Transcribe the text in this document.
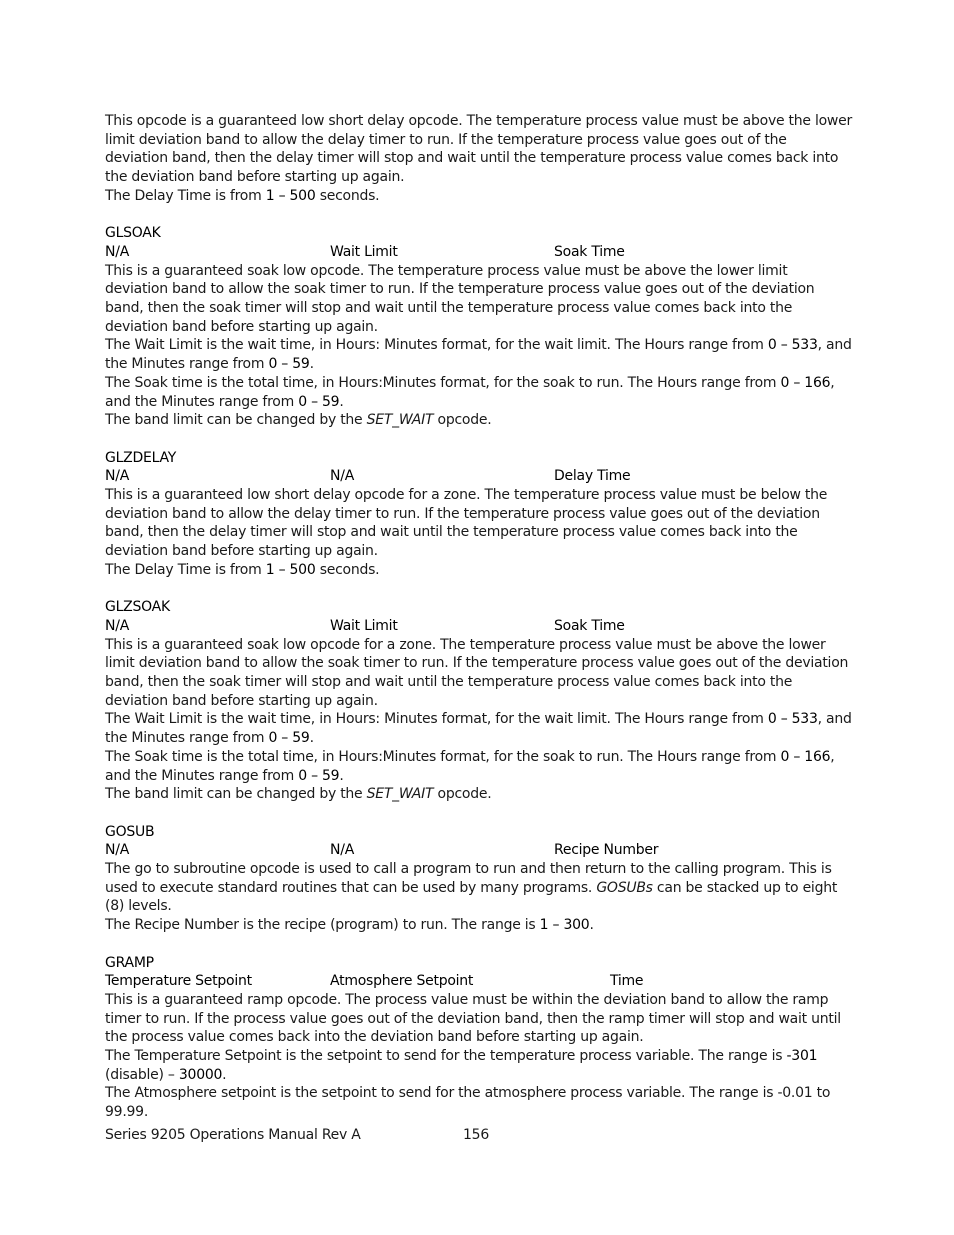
This opcode is a guaranteed low short delay opcode. The temperature process value must be above the lower limit deviation band to allow the delay timer to run. If the temperature process value goes out of the deviation band, then the delay timer will stop and wait until the temperature process value comes back into the deviation band before starting up again.

The Delay Time is from 1 – 500 seconds.

GLSOAK
N/A	Wait Limit	Soak Time

This is a guaranteed soak low opcode. The temperature process value must be above the lower limit deviation band to allow the soak timer to run. If the temperature process value goes out of the deviation band, then the soak timer will stop and wait until the temperature process value comes back into the deviation band before starting up again.

The Wait Limit is the wait time, in Hours: Minutes format, for the wait limit. The Hours range from 0 – 533, and the Minutes range from 0 – 59.

The Soak time is the total time, in Hours:Minutes format, for the soak to run. The Hours range from 0 – 166, and the Minutes range from 0 – 59.

The band limit can be changed by the SET_WAIT opcode.

GLZDELAY
N/A	N/A	Delay Time

This is a guaranteed low short delay opcode for a zone. The temperature process value must be below the deviation band to allow the delay timer to run. If the temperature process value goes out of the deviation band, then the delay timer will stop and wait until the temperature process value comes back into the deviation band before starting up again.

The Delay Time is from 1 – 500 seconds.

GLZSOAK
N/A	Wait Limit	Soak Time

This is a guaranteed soak low opcode for a zone. The temperature process value must be above the lower limit deviation band to allow the soak timer to run. If the temperature process value goes out of the deviation band, then the soak timer will stop and wait until the temperature process value comes back into the deviation band before starting up again.

The Wait Limit is the wait time, in Hours: Minutes format, for the wait limit. The Hours range from 0 – 533, and the Minutes range from 0 – 59.

The Soak time is the total time, in Hours:Minutes format, for the soak to run. The Hours range from 0 – 166, and the Minutes range from 0 – 59.

The band limit can be changed by the SET_WAIT opcode.

GOSUB
N/A	N/A	Recipe Number

The go to subroutine opcode is used to call a program to run and then return to the calling program. This is used to execute standard routines that can be used by many programs. GOSUBs can be stacked up to eight (8) levels.

The Recipe Number is the recipe (program) to run. The range is 1 – 300.

GRAMP
Temperature Setpoint	Atmosphere Setpoint	Time

This is a guaranteed ramp opcode. The process value must be within the deviation band to allow the ramp timer to run. If the process value goes out of the deviation band, then the ramp timer will stop and wait until the process value comes back into the deviation band before starting up again.

The Temperature Setpoint is the setpoint to send for the temperature process variable. The range is -301 (disable) – 30000.

The Atmosphere setpoint is the setpoint to send for the atmosphere process variable. The range is -0.01 to 99.99.

Series 9205 Operations Manual Rev A	156
